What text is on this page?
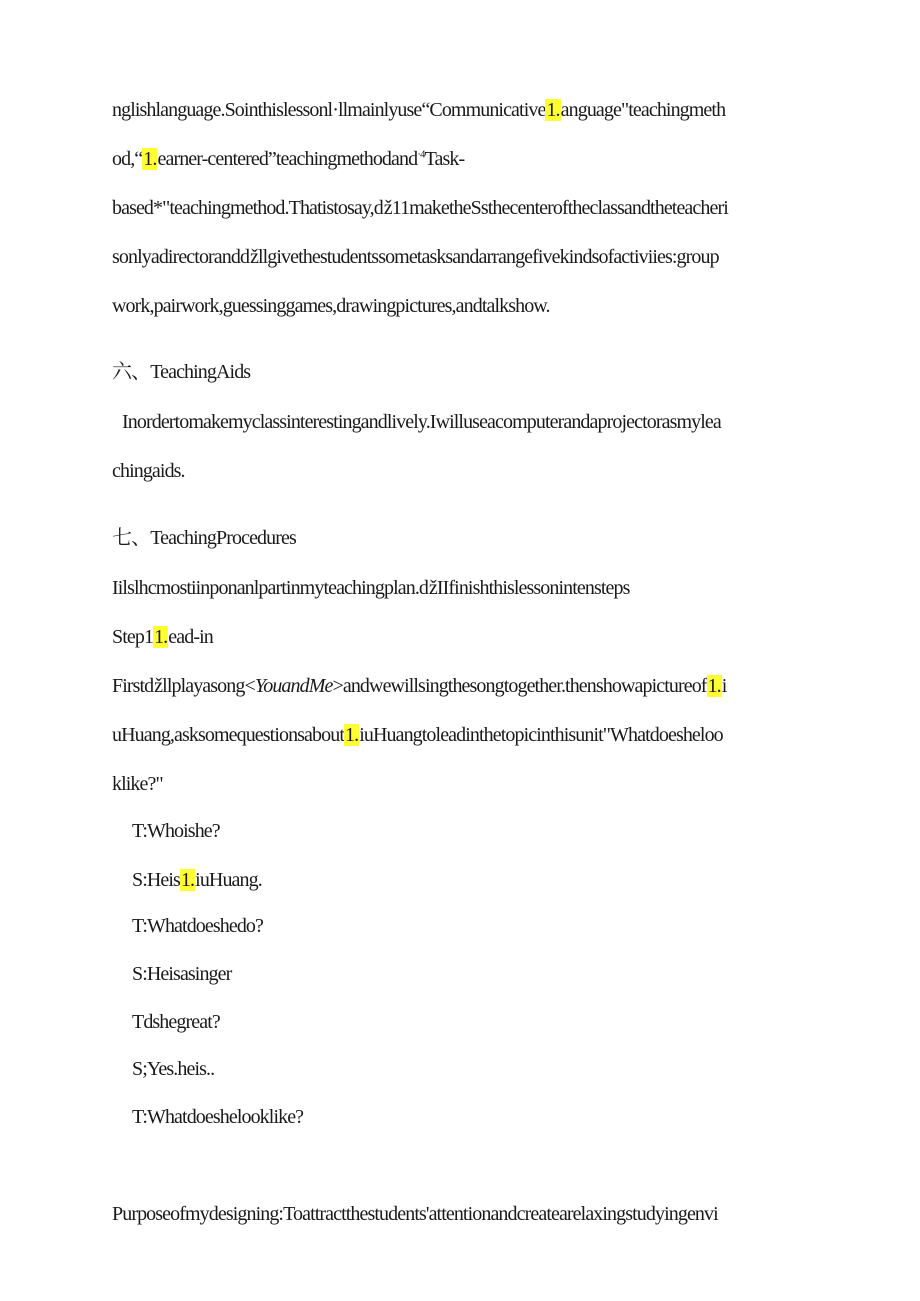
nglishlanguage.Sointhislessonl·llmainlyuse“Communicative1.anguage"teachingmeth
od,“1.earner-centered”teachingmethodand$^{\cdot 4}$Task-
based*"teachingmethod.Thatistosay,ǆ11maketheSsthecenteroftheclassandtheteacheri
sonlyadirectorandǆllgivethestudentssometasksandarrangefivekindsofactiviies:group
work,pairwork,guessinggames,drawingpictures,andtalkshow.
六、TeachingAids
Inordertomakemyclassinterestingandlively.Iwilluseacomputerandaprojectorasmylea
chingaids.
七、TeachingProcedures
Iilslhcmostiinponanlpartinmyteachingplan.ǆIIfinishthislessonintensteps
Step11.ead-in
Firstǆllplayasong<YouandMe>andwewillsingthesongtogether.thenshowapictureof1.i
uHuang,asksomequestionsabout1.iuHuangtoleadinthetopicinthisunit"Whatdoesheloo
klike?"
T:Whoishe?
S:Heis1.iuHuang.
T:Whatdoeshedo?
S:Heisasinger
Tdshegreat?
S;Yes.heis..
T:Whatdoeshelooklike?
Purposeofmydesigning:Toattractthestudents'attentionandcreatearelaxingstudyingenvi
